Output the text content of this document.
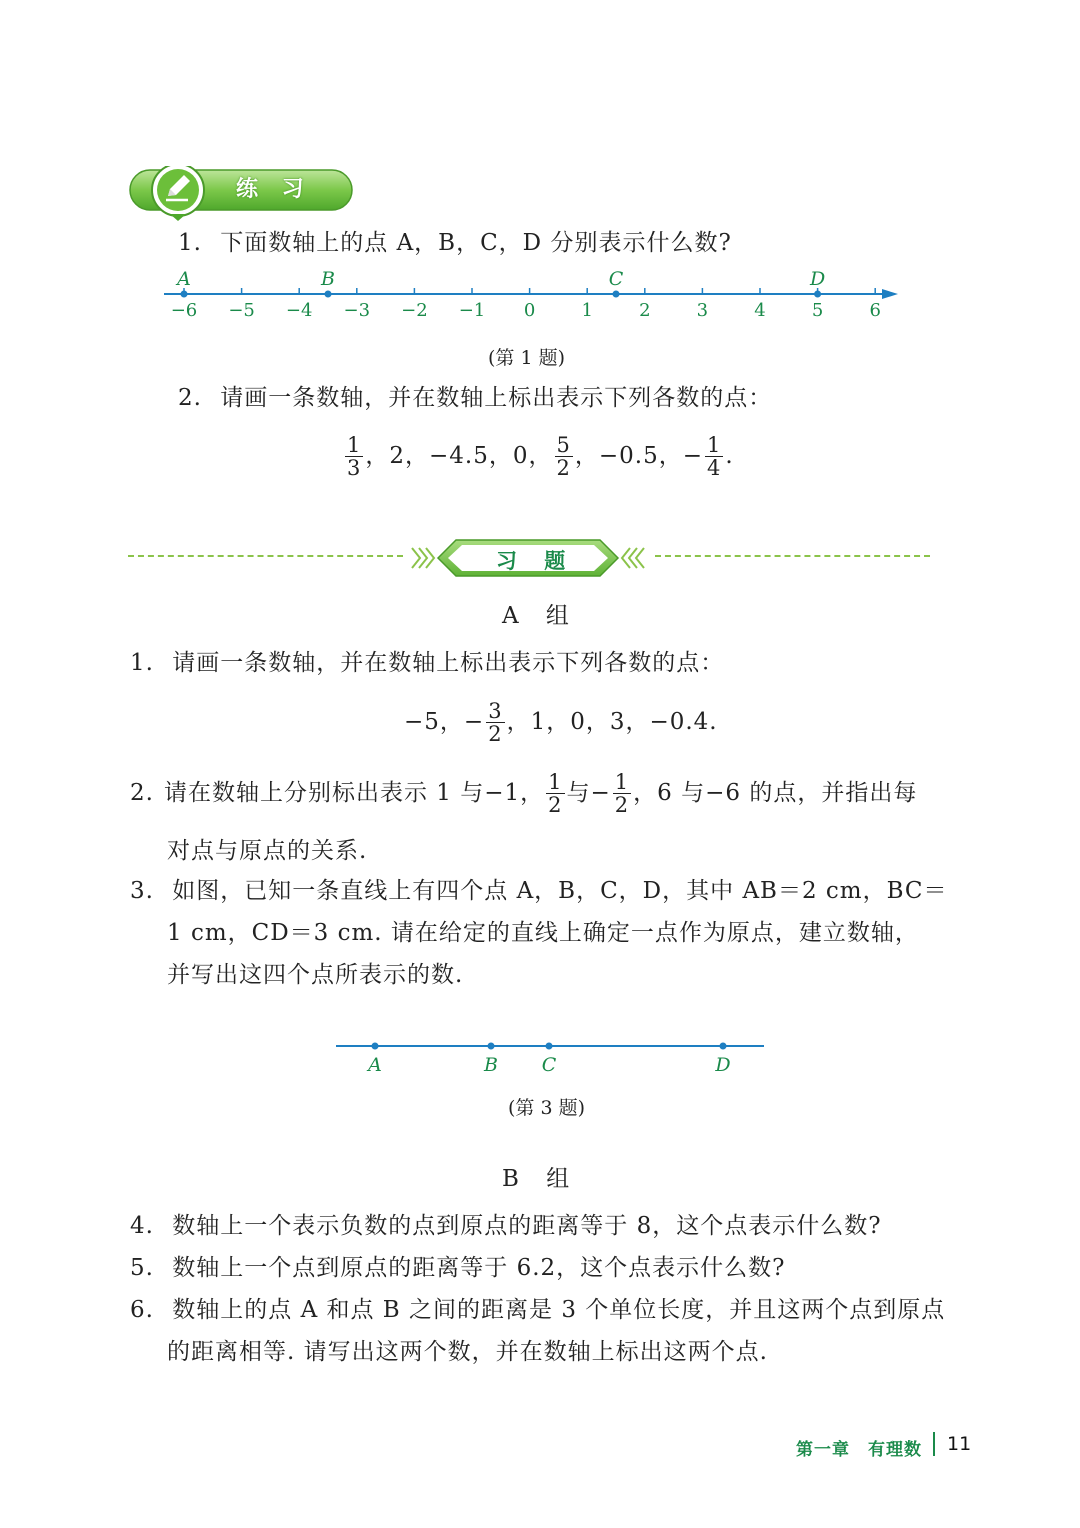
练 习
1. 下面数轴上的点 A，B，C，D 分别表示什么数?
−6 −5 −4 −3 −2 −1 0	1	2	3	4	5	6
A	B	C	D
(第 1 题)
2. 请画一条数轴，并在数轴上标出表示下列各数的点：
$\frac{1}{3}$ ，2，−4.5，0， $\frac{5}{2}$ ，−0.5，− $\frac{1}{4}$ .
习 题
A 组
1. 请画一条数轴，并在数轴上标出表示下列各数的点：
−5，− $\frac{3}{2}$ ，1，0，3，−0.4.
2. 请在数轴上分别标出表示 1 与−1， $\frac{1}{2}$ 与− $\frac{1}{2}$ ，6 与−6 的点，并指出每
对点与原点的关系.
3. 如图，已知一条直线上有四个点 A，B，C，D，其中 AB＝2 cm，BC＝
1 cm，CD＝3 cm. 请在给定的直线上确定一点作为原点，建立数轴，
并写出这四个点所表示的数.
A	B C	D
(第 3 题)
B 组
4. 数轴上一个表示负数的点到原点的距离等于 8，这个点表示什么数?
5. 数轴上一个点到原点的距离等于 6.2，这个点表示什么数?
6. 数轴上的点 A 和点 B 之间的距离是 3 个单位长度，并且这两个点到原点
的距离相等. 请写出这两个数，并在数轴上标出这两个点.
第一章　有理数 11
